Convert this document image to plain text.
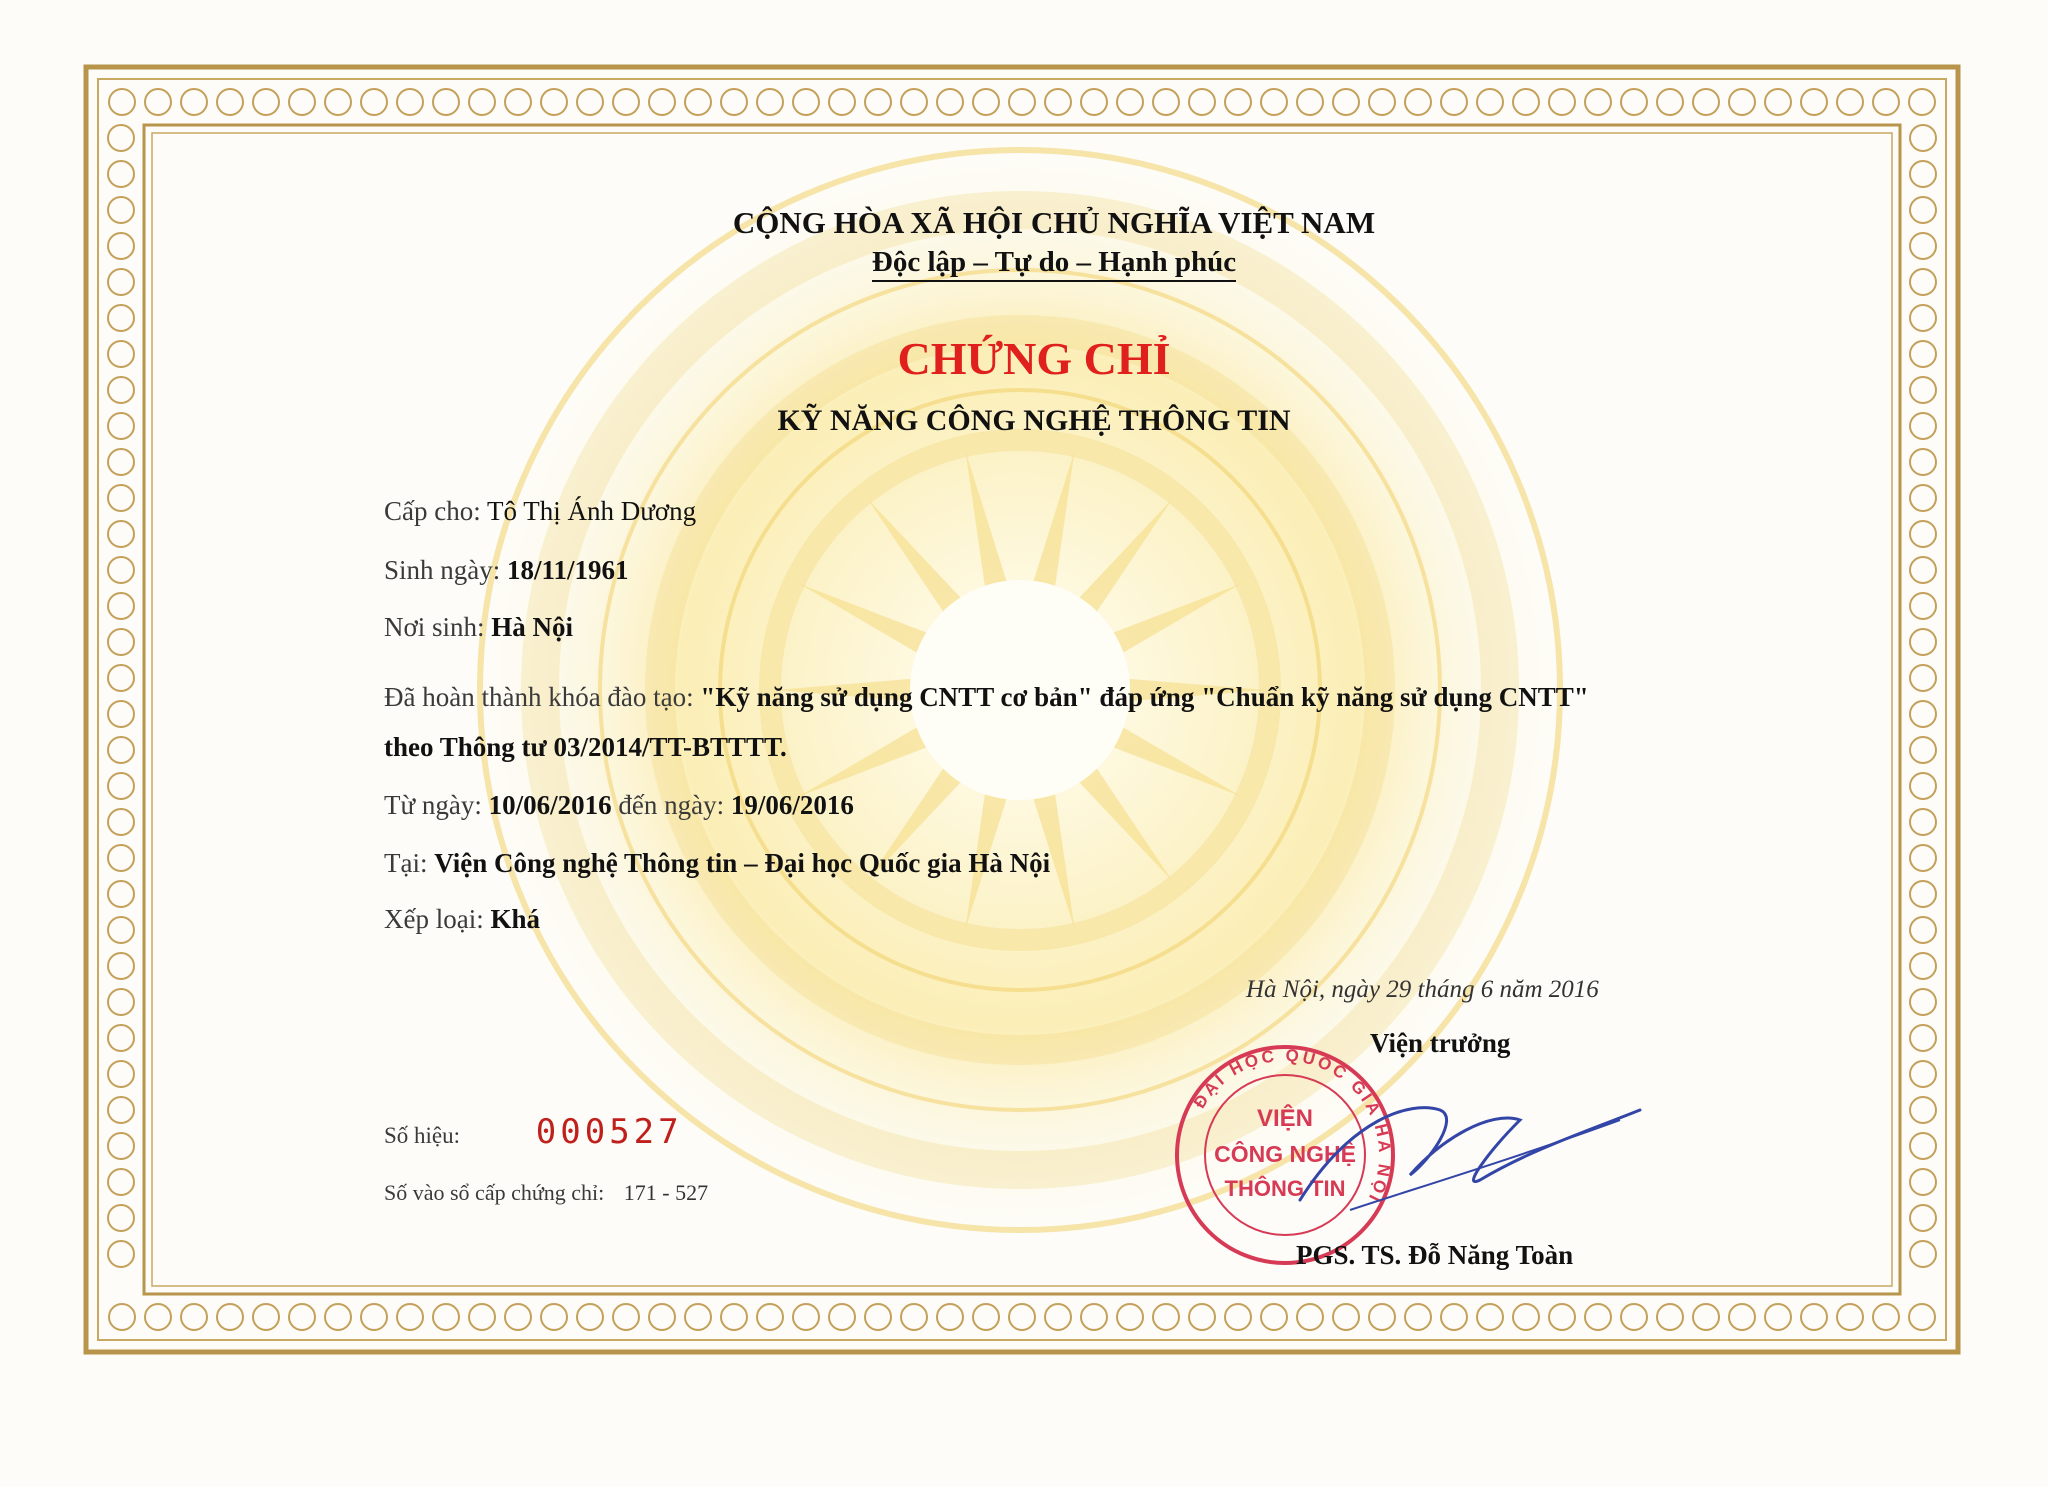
CỘNG HÒA XÃ HỘI CHỦ NGHĨA VIỆT NAM
Độc lập – Tự do – Hạnh phúc
CHỨNG CHỈ
KỸ NĂNG CÔNG NGHỆ THÔNG TIN
Cấp cho: Tô Thị Ánh Dương
Sinh ngày: 18/11/1961
Nơi sinh: Hà Nội
Đã hoàn thành khóa đào tạo: "Kỹ năng sử dụng CNTT cơ bản" đáp ứng "Chuẩn kỹ năng sử dụng CNTT"
theo Thông tư 03/2014/TT-BTTTT.
Từ ngày: 10/06/2016 đến ngày: 19/06/2016
Tại: Viện Công nghệ Thông tin – Đại học Quốc gia Hà Nội
Xếp loại: Khá
Số hiệu: 000527
Số vào sổ cấp chứng chỉ: 171 - 527
Hà Nội, ngày 29 tháng 6 năm 2016
Viện trưởng
ĐẠI HỌC QUỐC GIA HÀ NỘI
VIỆN
CÔNG NGHỆ
THÔNG TIN
PGS. TS. Đỗ Năng Toàn
